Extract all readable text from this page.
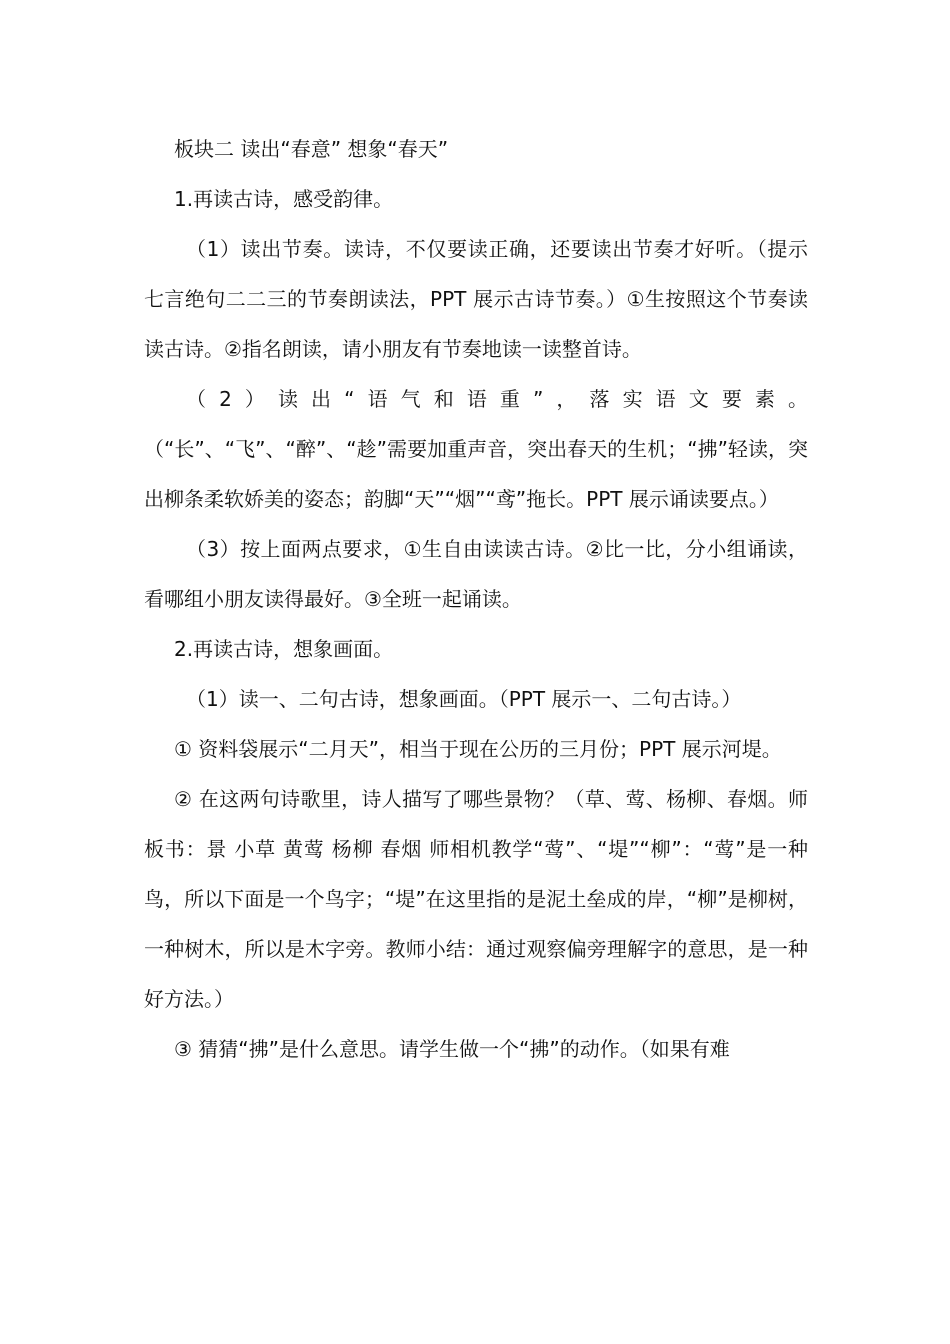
板块二 读出“春意” 想象“春天”

1.再读古诗，感受韵律。

（1）读出节奏。读诗，不仅要读正确，还要读出节奏才好听。（提示七言绝句二二三的节奏朗读法，PPT 展示古诗节奏。）①生按照这个节奏读读古诗。②指名朗读，请小朋友有节奏地读一读整首诗。

（2）读出“语气和语重”，落实语文要素。（“长”、“飞”、“醉”、“趁”需要加重声音，突出春天的生机；“拂”轻读，突出柳条柔软娇美的姿态；韵脚“天”“烟”“鸢”拖长。PPT 展示诵读要点。）

（3）按上面两点要求，①生自由读读古诗。②比一比，分小组诵读，看哪组小朋友读得最好。③全班一起诵读。

2.再读古诗，想象画面。

（1）读一、二句古诗，想象画面。（PPT 展示一、二句古诗。）

① 资料袋展示“二月天”，相当于现在公历的三月份；PPT 展示河堤。

② 在这两句诗歌里，诗人描写了哪些景物？（草、莺、杨柳、春烟。师板书：景 小草 黄莺 杨柳 春烟 师相机教学“莺”、“堤”“柳”：“莺”是一种鸟，所以下面是一个鸟字；“堤”在这里指的是泥土垒成的岸，“柳”是柳树，一种树木，所以是木字旁。教师小结：通过观察偏旁理解字的意思，是一种好方法。）

③ 猜猜“拂”是什么意思。请学生做一个“拂”的动作。（如果有难
